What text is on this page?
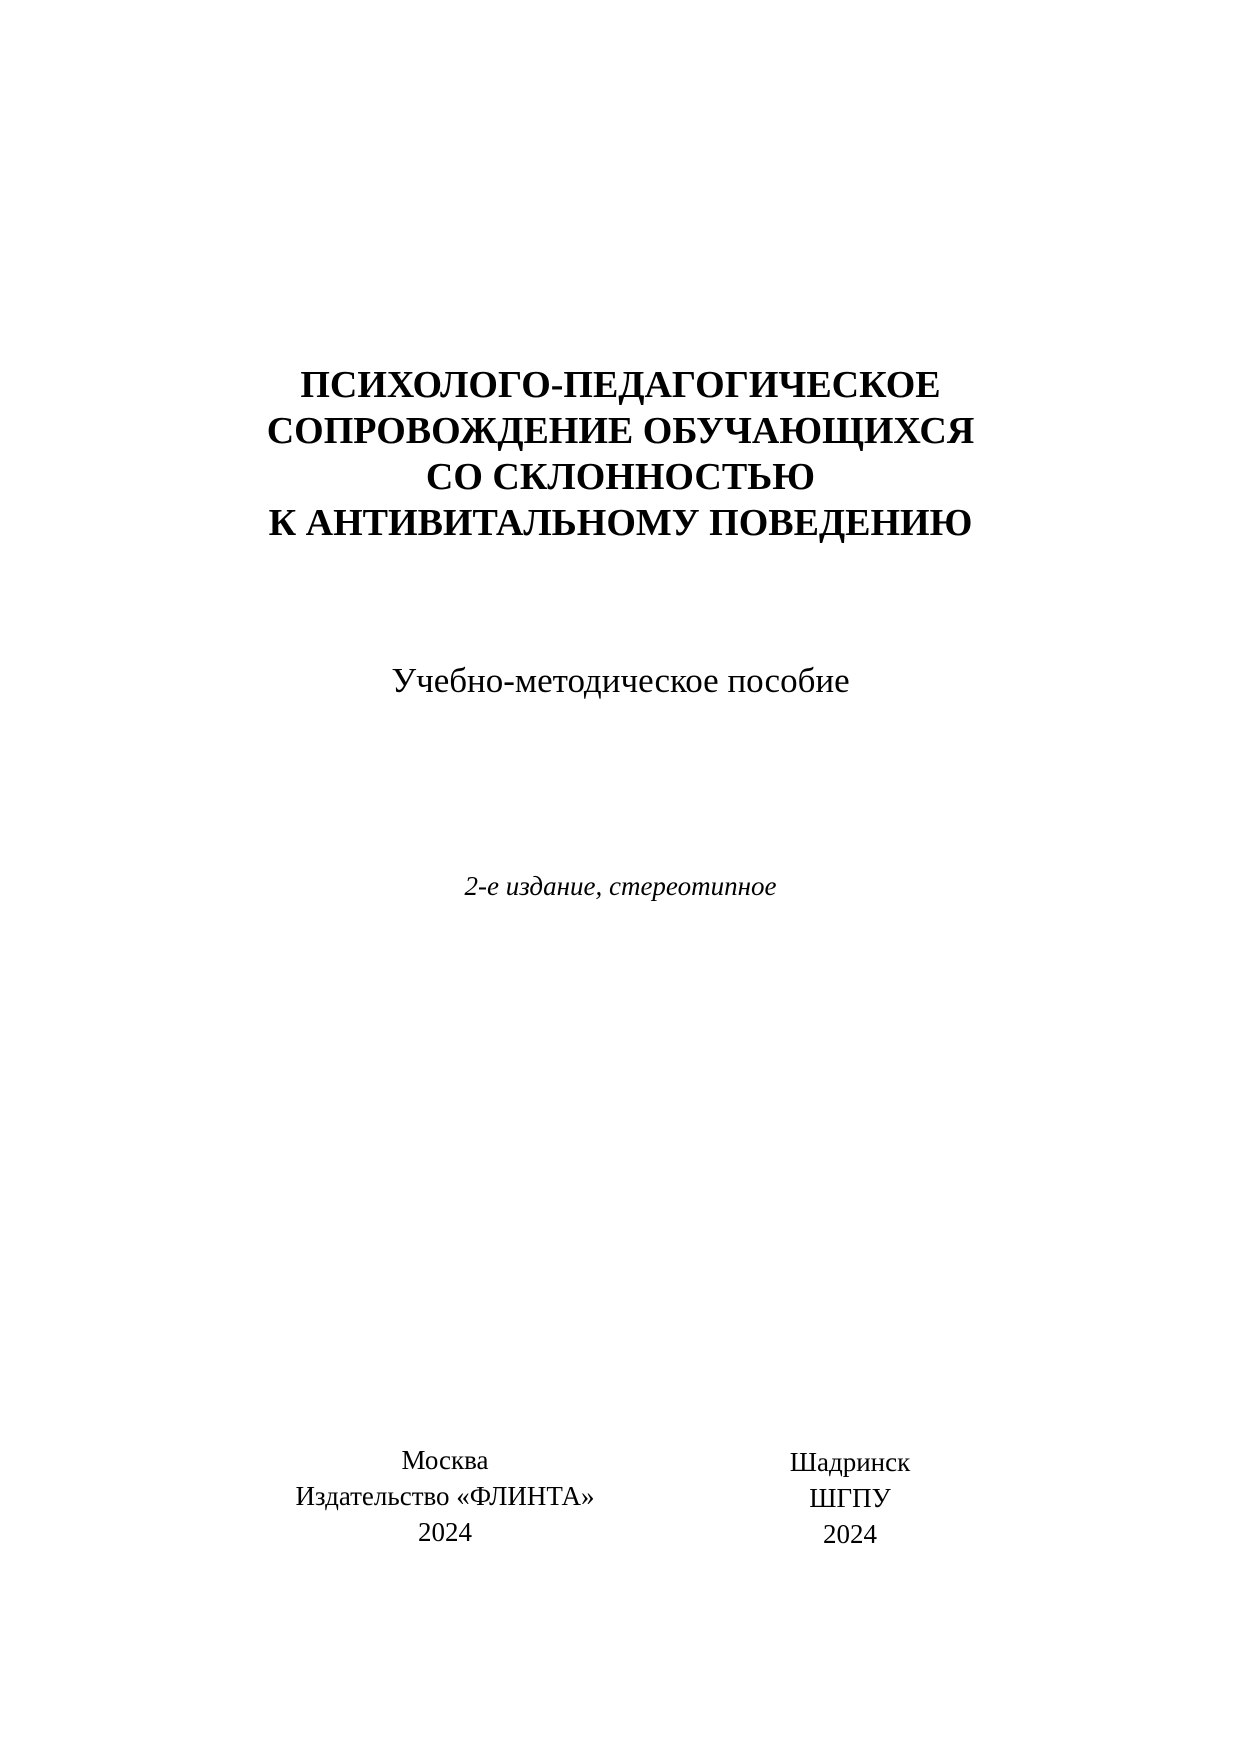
ПСИХОЛОГО-ПЕДАГОГИЧЕСКОЕ
СОПРОВОЖДЕНИЕ ОБУЧАЮЩИХСЯ
СО СКЛОННОСТЬЮ
К АНТИВИТАЛЬНОМУ ПОВЕДЕНИЮ
Учебно-методическое пособие
2-е издание, стереотипное
Москва
Издательство «ФЛИНТА»
2024
Шадринск
ШГПУ
2024
